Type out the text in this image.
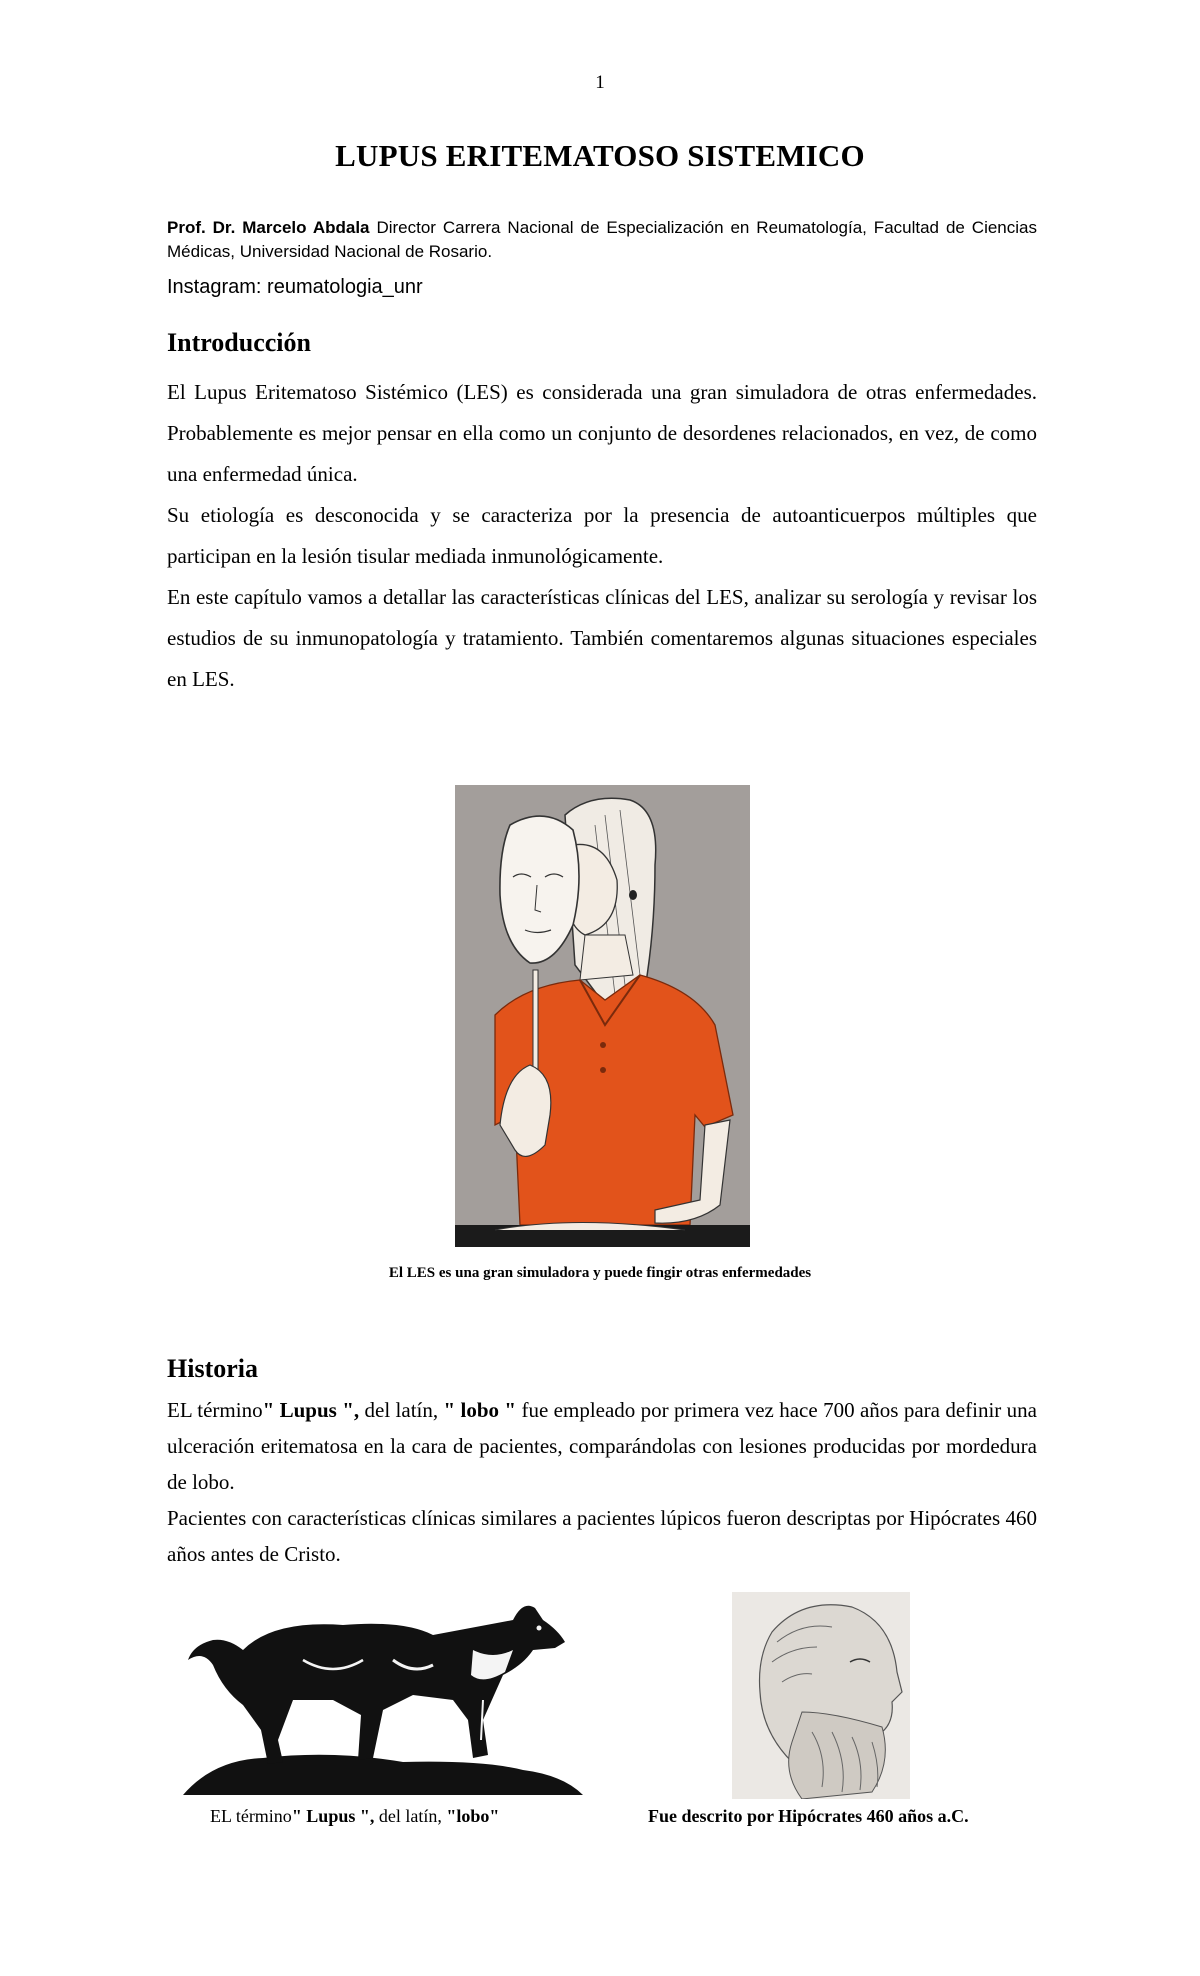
1
LUPUS ERITEMATOSO SISTEMICO
Prof. Dr. Marcelo Abdala Director Carrera Nacional de Especialización en Reumatología, Facultad de Ciencias Médicas, Universidad Nacional de Rosario.
Instagram: reumatologia_unr
Introducción

El Lupus Eritematoso Sistémico (LES) es considerada una gran simuladora de otras enfermedades. Probablemente es mejor pensar en ella como un conjunto de desordenes relacionados, en vez, de como una enfermedad única.

Su etiología es desconocida y se caracteriza por la presencia de autoanticuerpos múltiples que participan en la lesión tisular mediada inmunológicamente.

En este capítulo vamos a detallar las características clínicas del LES, analizar su serología y revisar los estudios de su inmunopatología y tratamiento. También comentaremos algunas situaciones especiales en LES.

El LES es una gran simuladora y puede fingir otras enfermedades
Historia

EL término" Lupus ", del latín, " lobo " fue empleado por primera vez hace 700 años para definir una ulceración eritematosa en la cara de pacientes, comparándolas con lesiones producidas por mordedura de lobo.

Pacientes con características clínicas similares a pacientes lúpicos fueron descriptas por Hipócrates 460 años antes de Cristo.

EL término" Lupus ", del latín, "lobo"	Fue descrito por Hipócrates 460 años a.C.
